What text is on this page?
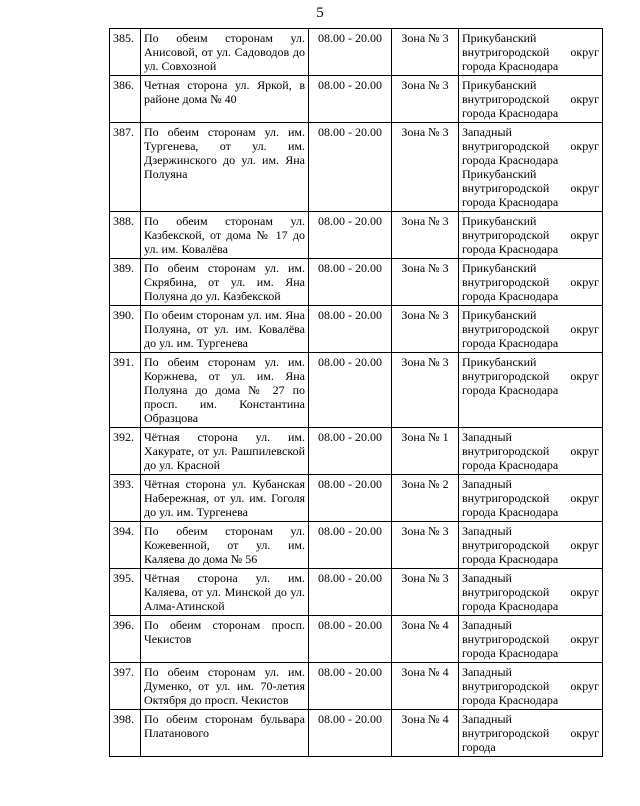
5
385.	По обеим сторонам ул. Анисовой, от ул. Садоводов до ул. Совхозной	08.00 - 20.00	Зона № 3	Прикубанский внутригородской округ города Краснодара

386.	Четная сторона ул. Яркой, в районе дома № 40	08.00 - 20.00	Зона № 3	Прикубанский внутригородской округ города Краснодара

387.	По обеим сторонам ул. им. Тургенева, от ул. им. Дзержинского до ул. им. Яна Полуяна	08.00 - 20.00	Зона № 3	Западный внутригородской округ города Краснодара
Прикубанский внутригородской округ города Краснодара

388.	По обеим сторонам ул. Казбекской, от дома № 17 до ул. им. Ковалёва	08.00 - 20.00	Зона № 3	Прикубанский внутригородской округ города Краснодара

389.	По обеим сторонам ул. им. Скрябина, от ул. им. Яна Полуяна до ул. Казбекской	08.00 - 20.00	Зона № 3	Прикубанский внутригородской округ города Краснодара

390.	По обеим сторонам ул. им. Яна Полуяна, от ул. им. Ковалёва до ул. им. Тургенева	08.00 - 20.00	Зона № 3	Прикубанский внутригородской округ города Краснодара

391.	По обеим сторонам ул. им. Коржнева, от ул. им. Яна Полуяна до дома № 27 по просп. им. Константина Образцова	08.00 - 20.00	Зона № 3	Прикубанский внутригородской округ города Краснодара

392.	Чётная сторона ул. им. Хакурате, от ул. Рашпилевской до ул. Красной	08.00 - 20.00	Зона № 1	Западный внутригородской округ города Краснодара

393.	Чётная сторона ул. Кубанская Набережная, от ул. им. Гоголя до ул. им. Тургенева	08.00 - 20.00	Зона № 2	Западный внутригородской округ города Краснодара

394.	По обеим сторонам ул. Кожевенной, от ул. им. Каляева до дома № 56	08.00 - 20.00	Зона № 3	Западный внутригородской округ города Краснодара

395.	Чётная сторона ул. им. Каляева, от ул. Минской до ул. Алма-Атинской	08.00 - 20.00	Зона № 3	Западный внутригородской округ города Краснодара

396.	По обеим сторонам просп. Чекистов	08.00 - 20.00	Зона № 4	Западный внутригородской округ города Краснодара

397.	По обеим сторонам ул. им. Думенко, от ул. им. 70-летия Октября до просп. Чекистов	08.00 - 20.00	Зона № 4	Западный внутригородской округ города Краснодара

398.	По обеим сторонам бульвара Платанового	08.00 - 20.00	Зона № 4	Западный внутригородской округ города
